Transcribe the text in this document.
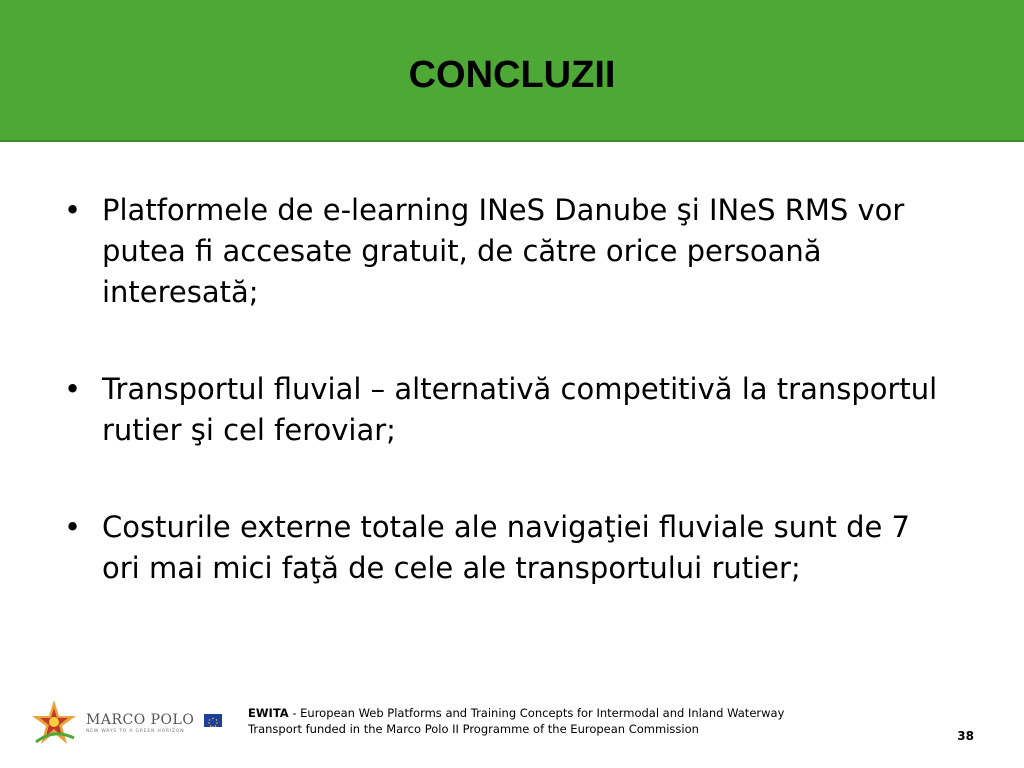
CONCLUZII
• Platformele de e-learning INeS Danube şi INeS RMS vor putea fi accesate gratuit, de către orice persoană interesată;
• Transportul fluvial – alternativă competitivă la transportul rutier şi cel feroviar;
• Costurile externe totale ale navigaţiei fluviale sunt de 7 ori mai mici faţă de cele ale transportului rutier;
MARCO POLO
NEW WAYS TO A GREEN HORIZON
EWITA - European Web Platforms and Training Concepts for Intermodal and Inland Waterway
Transport funded in the Marco Polo II Programme of the European Commission	38
